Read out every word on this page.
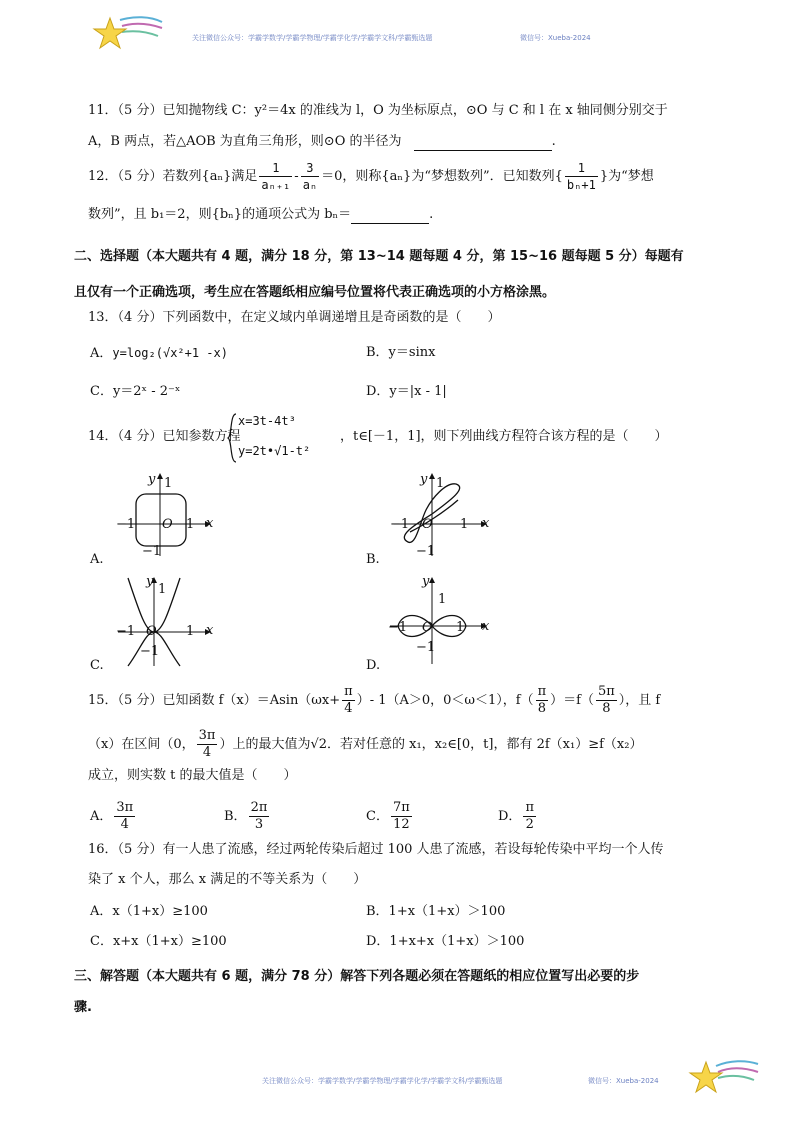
关注微信公众号：学霸学数学/学霸学物理/学霸学化学/学霸学文科/学霸甄选题	微信号：Xueba-2024
11．（5 分）已知抛物线 C：y²＝4x 的准线为 l，O 为坐标原点，⊙O 与 C 和 l 在 x 轴同侧分别交于
A，B 两点，若△AOB 为直角三角形，则⊙O 的半径为	.
12．（5 分）若数列{aₙ}满足 $\frac{1}{\text{aₙ₊₁}} - \frac{3}{\text{aₙ}} =0$，则称{aₙ}为“梦想数列”．已知数列{ $\frac{1}{\text{bₙ+1}}$ }为“梦想
数列”，且 b₁＝2，则{bₙ}的通项公式为 bₙ＝	.
二、选择题（本大题共有 4 题，满分 18 分，第 13~14 题每题 4 分，第 15~16 题每题 5 分）每题有
且仅有一个正确选项，考生应在答题纸相应编号位置将代表正确选项的小方格涂黑。
13．（4 分）下列函数中，在定义域内单调递增且是奇函数的是（　　）
A．y=log₂(√x²+1 -x)	B．y＝sinx
C．y＝2ˣ - 2⁻ˣ	D．y＝|x - 1|
14．（4 分）已知参数方程
x=3t-4t³
y=2t•√1-t²
，t∈[－1，1]，则下列曲线方程符合该方程的是（　　）
y 1
−1 O 1 x
−1
A.
y 1
−1 O 1 x
−1
B.
y
1
−1 O 1 x
−1
C.
y
1
−1 O 1 x
−1
D.
15．（5 分）已知函数 $f(x)=Asin(\omega x+ \frac{\pi}{4}$ ）- 1（A＞0，0＜ω＜1），$f( \frac{\pi}{8} )=f( \frac{5\pi}{8}$ ），且 f
（x）在区间（0， $\frac{3\pi}{4}$ ）上的最大值为√2．若对任意的 x₁，x₂∈[0，t]，都有 2f（x₁）≥f（x₂）
成立，则实数 t 的最大值是（　　）
A． $\frac{3\pi}{4}$	B． $\frac{2\pi}{3}$	C． $\frac{7\pi}{12}$	D． $\frac{\pi}{2}$
16．（5 分）有一人患了流感，经过两轮传染后超过 100 人患了流感，若设每轮传染中平均一个人传
染了 x 个人，那么 x 满足的不等关系为（　　）
A．x（1+x）≥100	B．1+x（1+x）＞100
C．x+x（1+x）≥100	D．1+x+x（1+x）＞100
三、解答题（本大题共有 6 题，满分 78 分）解答下列各题必须在答题纸的相应位置写出必要的步
骤.
关注微信公众号：学霸学数学/学霸学物理/学霸学化学/学霸学文科/学霸甄选题	微信号：Xueba-2024
